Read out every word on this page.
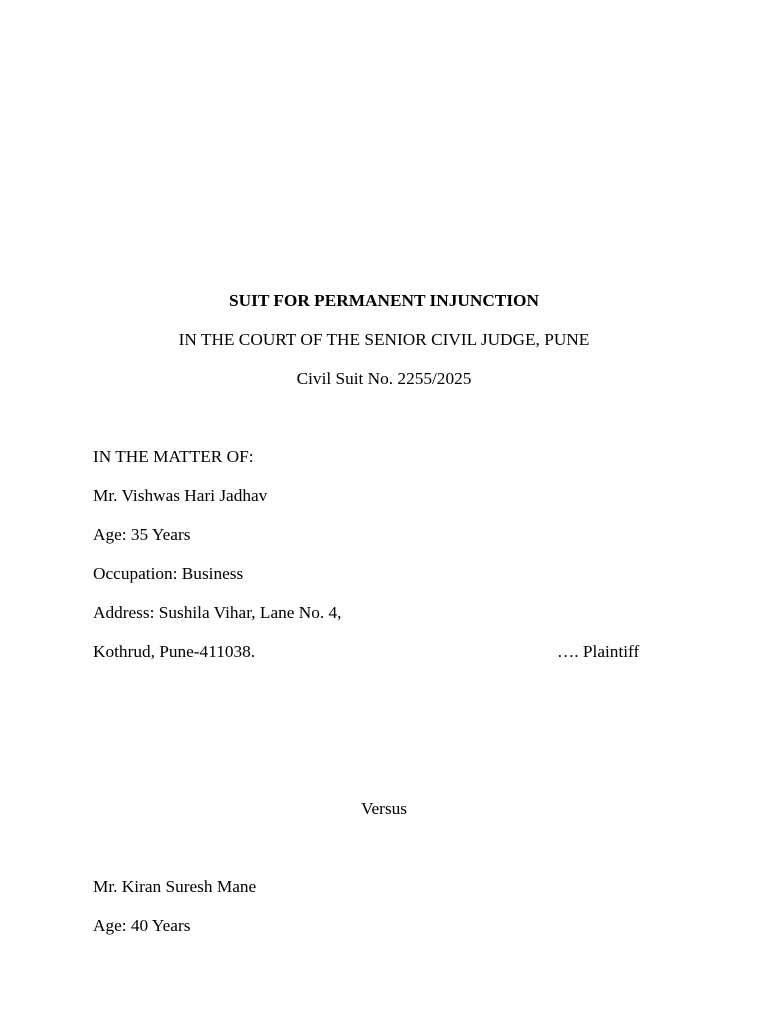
SUIT FOR PERMANENT INJUNCTION
IN THE COURT OF THE SENIOR CIVIL JUDGE, PUNE
Civil Suit No. 2255/2025
IN THE MATTER OF:
Mr. Vishwas Hari Jadhav
Age: 35 Years
Occupation: Business
Address: Sushila Vihar, Lane No. 4,
Kothrud, Pune-411038.	…. Plaintiff
Versus
Mr. Kiran Suresh Mane
Age: 40 Years
